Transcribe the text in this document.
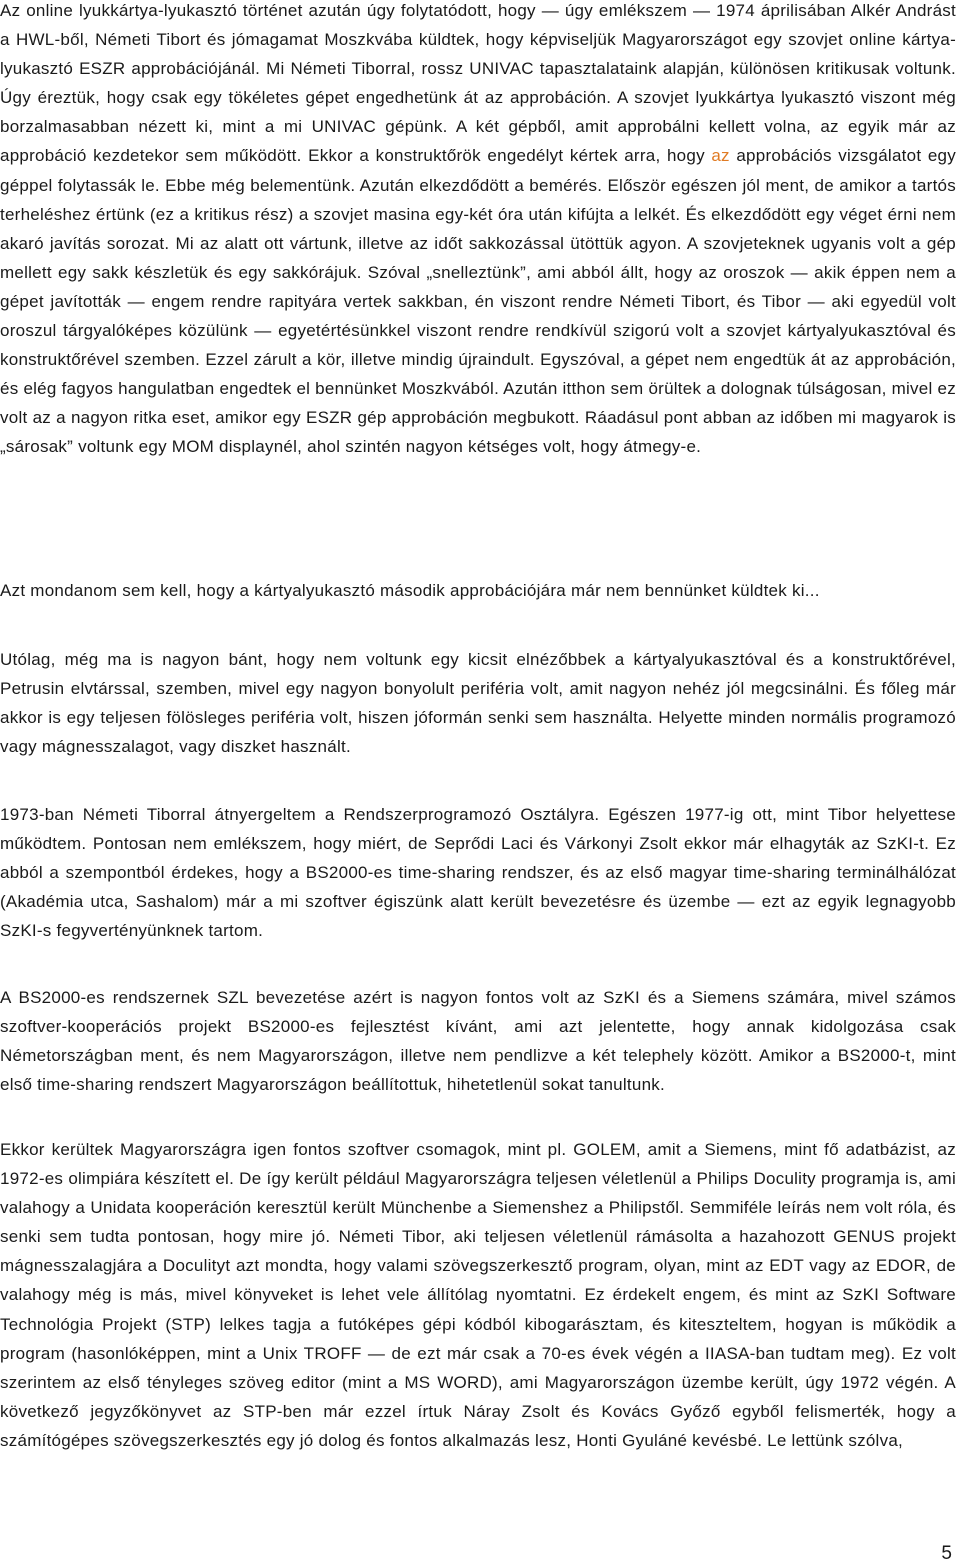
Az online lyukkártya-lyukasztó történet azután úgy folytatódott, hogy ― úgy emlékszem ― 1974 áprilisában Alkér Andrást a HWL-ből, Németi Tibort és jómagamat Moszkvába küldtek, hogy képviseljük Magyarországot egy szovjet online kártya-lyukasztó ESZR approbációjánál. Mi Németi Tiborral, rossz UNIVAC tapasztalataink alapján, különösen kritikusak voltunk. Úgy éreztük, hogy csak egy tökéletes gépet engedhetünk át az approbáción. A szovjet lyukkártya lyukasztó viszont még borzalmasabban nézett ki, mint a mi UNIVAC gépünk. A két gépből, amit approbálni kellett volna, az egyik már az approbáció kezdetekor sem működött. Ekkor a konstruktőrök engedélyt kértek arra, hogy az approbációs vizsgálatot egy géppel folytassák le. Ebbe még belementünk. Azután elkezdődött a bemérés. Először egészen jól ment, de amikor a tartós terheléshez értünk (ez a kritikus rész) a szovjet masina egy-két óra után kifújta a lelkét. És elkezdődött egy véget érni nem akaró javítás sorozat. Mi az alatt ott vártunk, illetve az időt sakkozással ütöttük agyon. A szovjeteknek ugyanis volt a gép mellett egy sakk készletük és egy sakkórájuk. Szóval „snelleztünk”, ami abból állt, hogy az oroszok ― akik éppen nem a gépet javították ― engem rendre rapityára vertek sakkban, én viszont rendre Németi Tibort, és Tibor ― aki egyedül volt oroszul tárgyalóképes közülünk ― egyetértésünkkel viszont rendre rendkívül szigorú volt a szovjet kártyalyukasztóval és konstruktőrével szemben. Ezzel zárult a kör, illetve mindig újraindult. Egyszóval, a gépet nem engedtük át az approbáción, és elég fagyos hangulatban engedtek el bennünket Moszkvából. Azután itthon sem örültek a dolognak túlságosan, mivel ez volt az a nagyon ritka eset, amikor egy ESZR gép approbáción megbukott. Ráadásul pont abban az időben mi magyarok is „sárosak” voltunk egy MOM displaynél, ahol szintén nagyon kétséges volt, hogy átmegy-e.

Azt mondanom sem kell, hogy a kártyalyukasztó második approbációjára már nem bennünket küldtek ki...

Utólag, még ma is nagyon bánt, hogy nem voltunk egy kicsit elnézőbbek a kártyalyukasztóval és a konstruktőrével, Petrusin elvtárssal, szemben, mivel egy nagyon bonyolult periféria volt, amit nagyon nehéz jól megcsinálni. És főleg már akkor is egy teljesen fölösleges periféria volt, hiszen jóformán senki sem használta. Helyette minden normális programozó vagy mágnesszalagot, vagy diszket használt.

1973-ban Németi Tiborral átnyergeltem a Rendszerprogramozó Osztályra. Egészen 1977-ig ott, mint Tibor helyettese működtem. Pontosan nem emlékszem, hogy miért, de Seprődi Laci és Várkonyi Zsolt ekkor már elhagyták az SzKI-t. Ez abból a szempontból érdekes, hogy a BS2000-es time-sharing rendszer, és az első magyar time-sharing terminálhálózat (Akadémia utca, Sashalom) már a mi szoftver égiszünk alatt került bevezetésre és üzembe ― ezt az egyik legnagyobb SzKI-s fegyvertényünknek tartom.

A BS2000-es rendszernek SZL bevezetése azért is nagyon fontos volt az SzKI és a Siemens számára, mivel számos szoftver-kooperációs projekt BS2000-es fejlesztést kívánt, ami azt jelentette, hogy annak kidolgozása csak Németországban ment, és nem Magyarországon, illetve nem pendlizve a két telephely között. Amikor a BS2000-t, mint első time-sharing rendszert Magyarországon beállítottuk, hihetetlenül sokat tanultunk.

Ekkor kerültek Magyarországra igen fontos szoftver csomagok, mint pl. GOLEM, amit a Siemens, mint fő adatbázist, az 1972-es olimpiára készített el. De így került például Magyarországra teljesen véletlenül a Philips Doculity programja is, ami valahogy a Unidata kooperáción keresztül került Münchenbe a Siemenshez a Philipstől. Semmiféle leírás nem volt róla, és senki sem tudta pontosan, hogy mire jó. Németi Tibor, aki teljesen véletlenül rámásolta a hazahozott GENUS projekt mágnesszalagjára a Doculityt azt mondta, hogy valami szövegszerkesztő program, olyan, mint az EDT vagy az EDOR, de valahogy még is más, mivel könyveket is lehet vele állítólag nyomtatni. Ez érdekelt engem, és mint az SzKI Software Technológia Projekt (STP) lelkes tagja a futóképes gépi kódból kibogarásztam, és kiteszteltem, hogyan is működik a program (hasonlóképpen, mint a Unix TROFF ― de ezt már csak a 70-es évek végén a IIASA-ban tudtam meg). Ez volt szerintem az első tényleges szöveg editor (mint a MS WORD), ami Magyarországon üzembe került, úgy 1972 végén. A következő jegyzőkönyvet az STP-ben már ezzel írtuk Náray Zsolt és Kovács Győző egyből felismerték, hogy a számítógépes szövegszerkesztés egy jó dolog és fontos alkalmazás lesz, Honti Gyuláné kevésbé. Le lettünk szólva,

5
